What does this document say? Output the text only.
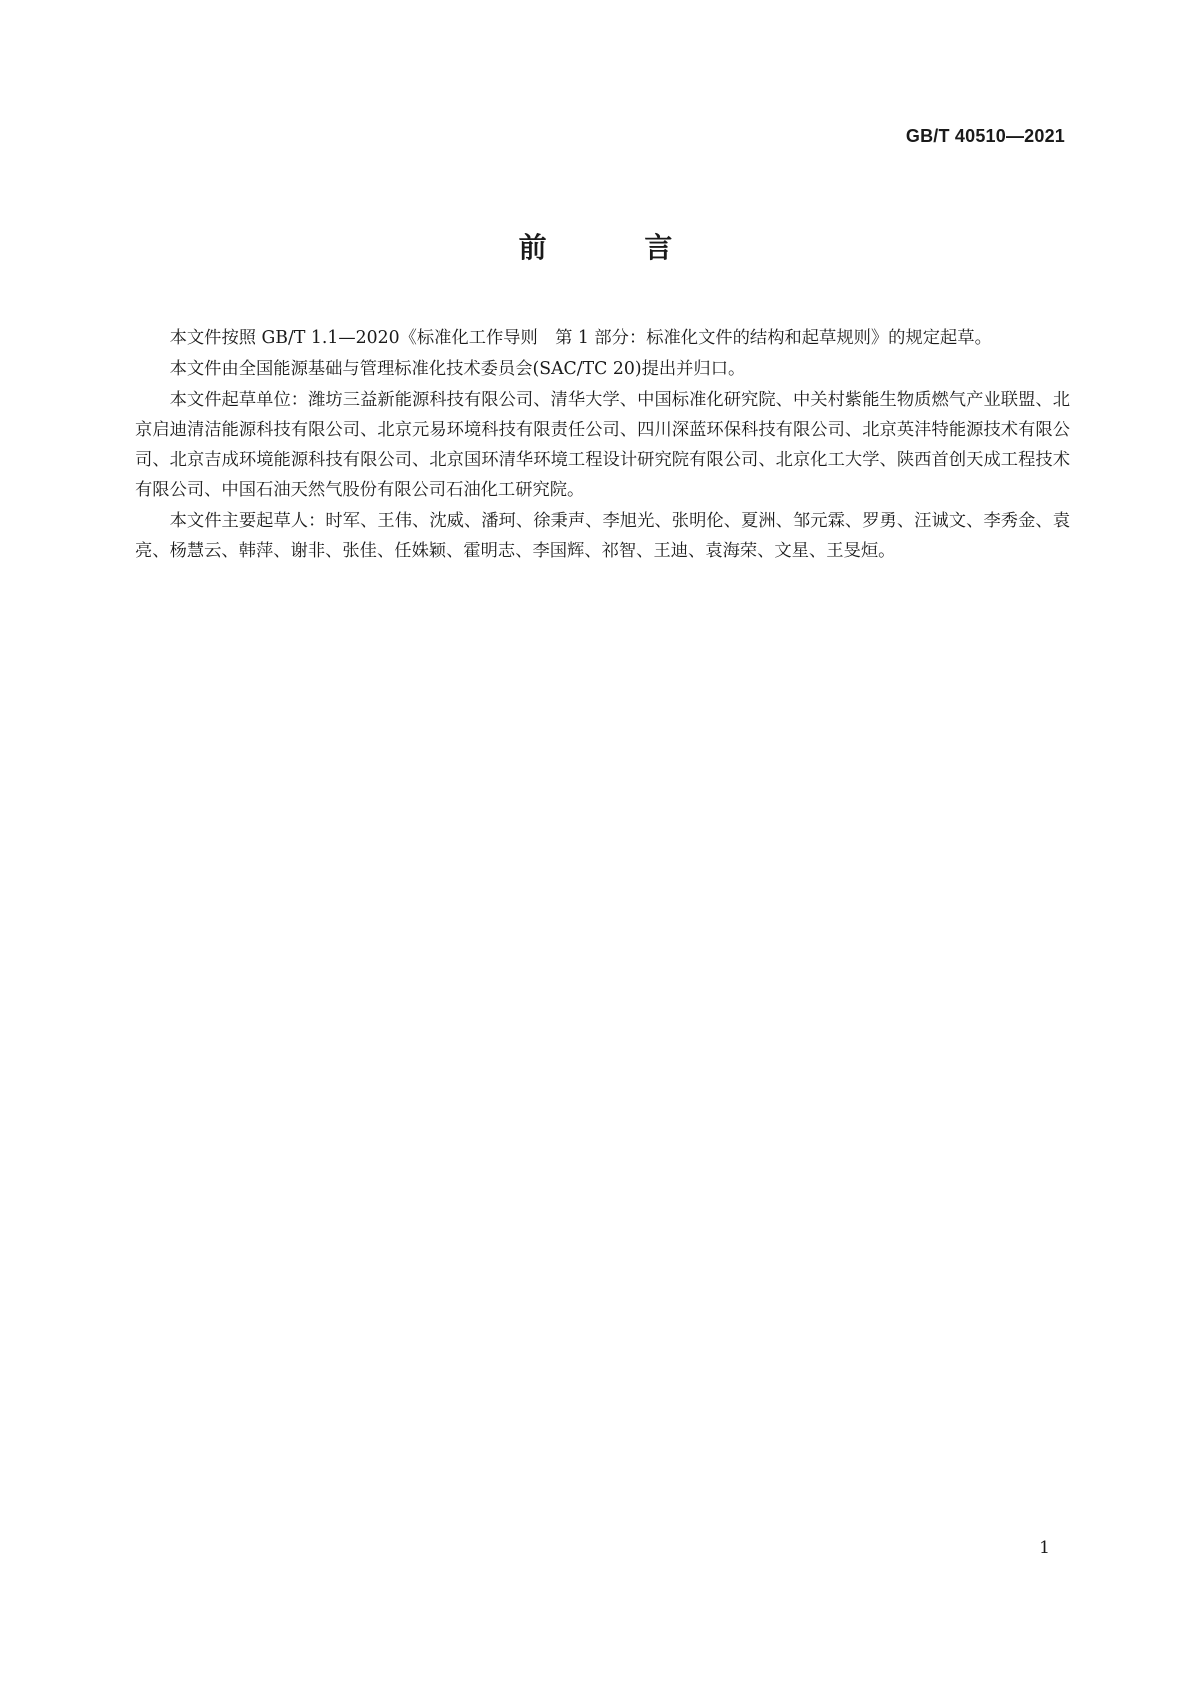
GB/T 40510—2021
前 言

本文件按照 GB/T 1.1—2020《标准化工作导则　第 1 部分：标准化文件的结构和起草规则》的规定起草。

本文件由全国能源基础与管理标准化技术委员会(SAC/TC 20)提出并归口。

本文件起草单位：潍坊三益新能源科技有限公司、清华大学、中国标准化研究院、中关村紫能生物质燃气产业联盟、北京启迪清洁能源科技有限公司、北京元易环境科技有限责任公司、四川深蓝环保科技有限公司、北京英沣特能源技术有限公司、北京吉成环境能源科技有限公司、北京国环清华环境工程设计研究院有限公司、北京化工大学、陕西首创天成工程技术有限公司、中国石油天然气股份有限公司石油化工研究院。

本文件主要起草人：时军、王伟、沈威、潘珂、徐秉声、李旭光、张明伦、夏洲、邹元霖、罗勇、汪诚文、李秀金、袁亮、杨慧云、韩萍、谢非、张佳、任姝颖、霍明志、李国辉、祁智、王迪、袁海荣、文星、王旻烜。

1
